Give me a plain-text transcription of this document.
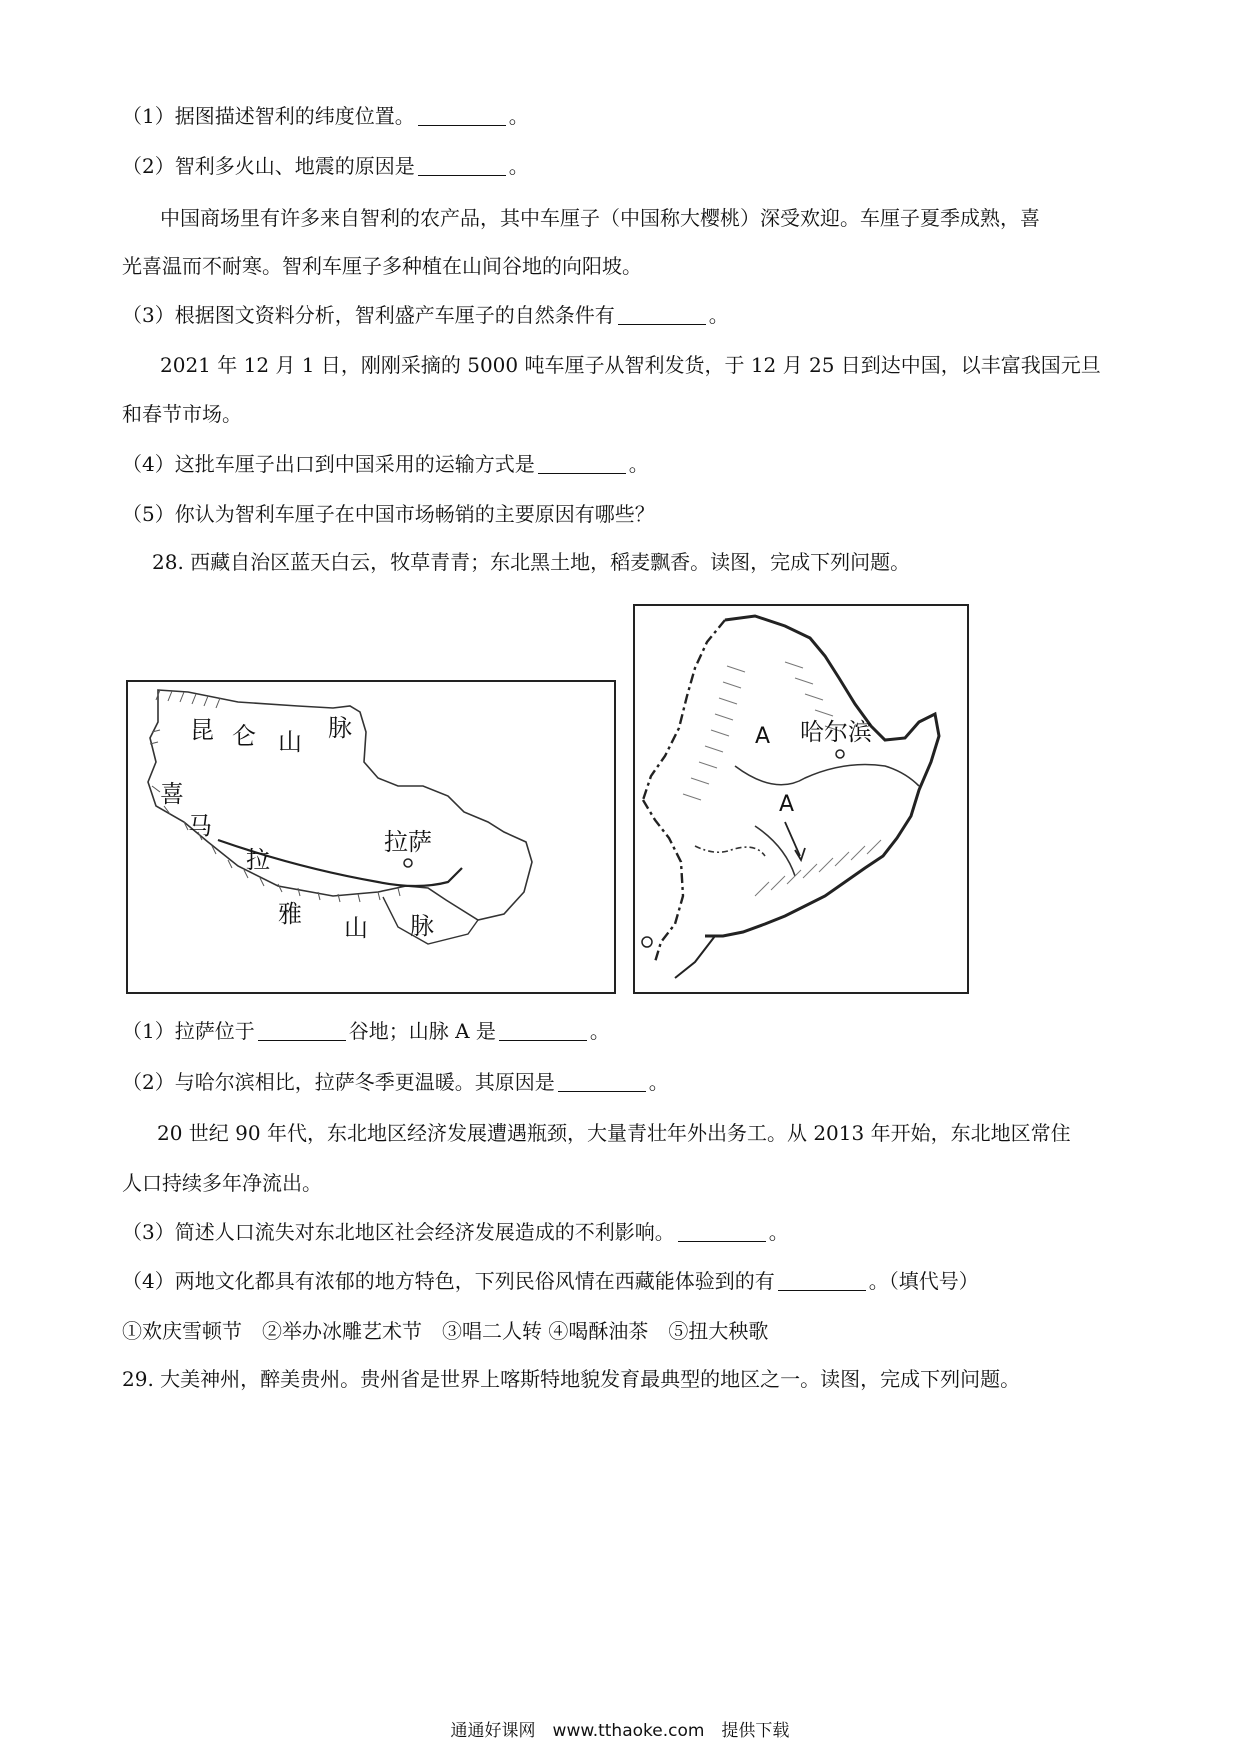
（1）据图描述智利的纬度位置。	。
（2）智利多火山、地震的原因是	。
中国商场里有许多来自智利的农产品，其中车厘子（中国称大樱桃）深受欢迎。车厘子夏季成熟，喜
光喜温而不耐寒。智利车厘子多种植在山间谷地的向阳坡。
（3）根据图文资料分析，智利盛产车厘子的自然条件有	。
2021 年 12 月 1 日，刚刚采摘的 5000 吨车厘子从智利发货，于 12 月 25 日到达中国，以丰富我国元旦
和春节市场。
（4）这批车厘子出口到中国采用的运输方式是	。
（5）你认为智利车厘子在中国市场畅销的主要原因有哪些？
28. 西藏自治区蓝天白云，牧草青青；东北黑土地，稻麦飘香。读图，完成下列问题。
昆 仑 山 脉
喜
马
拉
雅 山 脉
拉萨
哈尔滨
A
A
（1）拉萨位于	谷地；山脉 A 是	。
（2）与哈尔滨相比，拉萨冬季更温暖。其原因是	。
20 世纪 90 年代，东北地区经济发展遭遇瓶颈，大量青壮年外出务工。从 2013 年开始，东北地区常住
人口持续多年净流出。
（3）简述人口流失对东北地区社会经济发展造成的不利影响。	。
（4）两地文化都具有浓郁的地方特色，下列民俗风情在西藏能体验到的有	。（填代号）
①欢庆雪顿节　②举办冰雕艺术节　③唱二人转 ④喝酥油茶　⑤扭大秧歌
29. 大美神州，醉美贵州。贵州省是世界上喀斯特地貌发育最典型的地区之一。读图，完成下列问题。
通通好课网　www.tthaoke.com　提供下载
